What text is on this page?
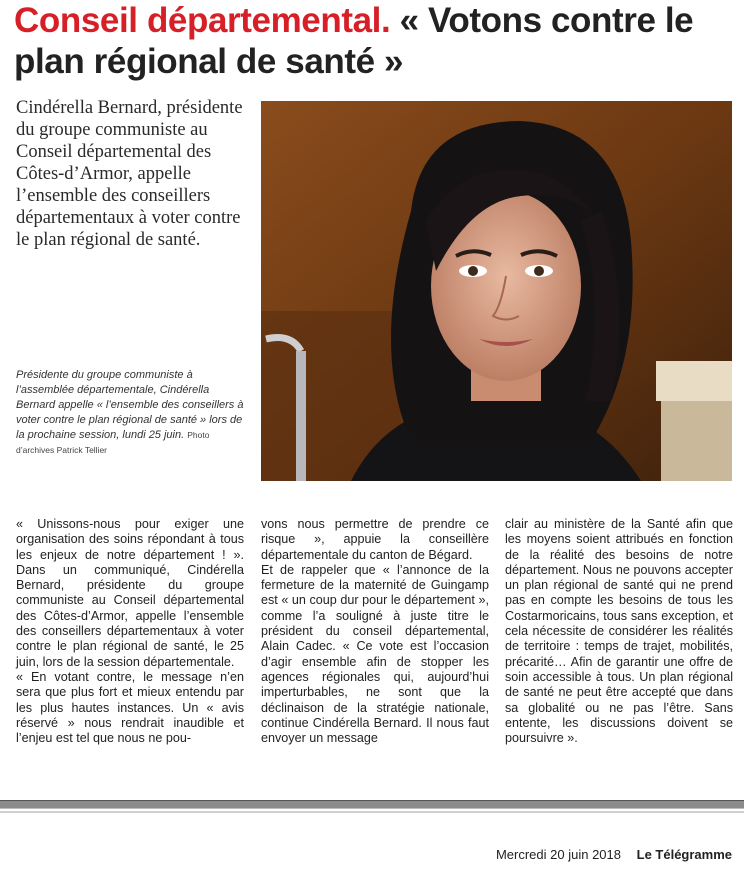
Conseil départemental. « Votons contre le plan régional de santé »
Cindérella Bernard, présidente du groupe communiste au Conseil départemental des Côtes-d’Armor, appelle l’ensemble des conseillers départementaux à voter contre le plan régional de santé.
Présidente du groupe communiste à l’assemblée départementale, Cindérella Bernard appelle « l’ensemble des conseillers à voter contre le plan régional de santé » lors de la prochaine session, lundi 25 juin. Photo d’archives Patrick Tellier

« Unissons-nous pour exiger une organisation des soins répondant à tous les enjeux de notre département ! ». Dans un communiqué, Cindérella Bernard, présidente du groupe communiste au Conseil départemental des Côtes-d’Armor, appelle l’ensemble des conseillers départementaux à voter contre le plan régional de santé, le 25 juin, lors de la session départementale.

« En votant contre, le message n’en sera que plus fort et mieux entendu par les plus hautes instances. Un « avis réservé » nous rendrait inaudible et l’enjeu est tel que nous ne pou-

vons nous permettre de prendre ce risque », appuie la conseillère départementale du canton de Bégard.

Et de rappeler que « l’annonce de la fermeture de la maternité de Guingamp est « un coup dur pour le département », comme l’a souligné à juste titre le président du conseil départemental, Alain Cadec. « Ce vote est l’occasion d’agir ensemble afin de stopper les agences régionales qui, aujourd’hui imperturbables, ne sont que la déclinaison de la stratégie nationale, continue Cindérella Bernard. Il nous faut envoyer un message

clair au ministère de la Santé afin que les moyens soient attribués en fonction de la réalité des besoins de notre département. Nous ne pouvons accepter un plan régional de santé qui ne prend pas en compte les besoins de tous les Costarmoricains, tous sans exception, et cela nécessite de considérer les réalités de territoire : temps de trajet, mobilités, précarité… Afin de garantir une offre de soin accessible à tous. Un plan régional de santé ne peut être accepté que dans sa globalité ou ne pas l’être. Sans entente, les discussions doivent se poursuivre ».

Mercredi 20 juin 2018 Le Télégramme
